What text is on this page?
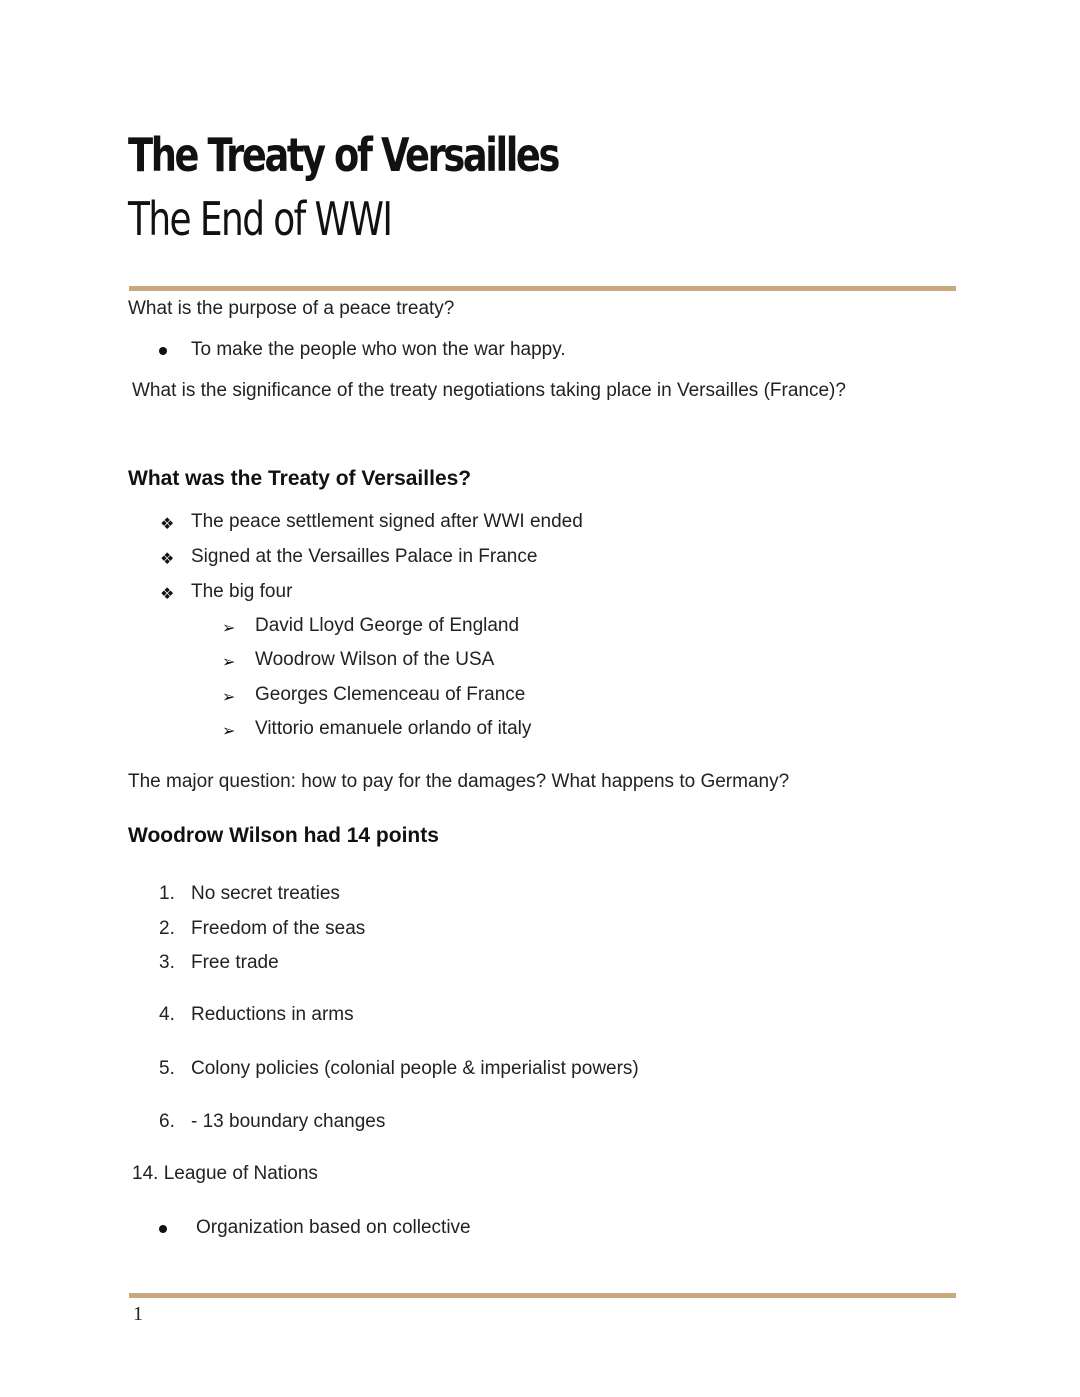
The Treaty of Versailles
The End of WWI
What is the purpose of a peace treaty?
To make the people who won the war happy.
What is the significance of the treaty negotiations taking place in Versailles (France)?
What was the Treaty of Versailles?
❖ The peace settlement signed after WWI ended
❖ Signed at the Versailles Palace in France
❖ The big four
➢ David Lloyd George of England
➢ Woodrow Wilson of the USA
➢ Georges Clemenceau of France
➢ Vittorio emanuele orlando of italy
The major question: how to pay for the damages? What happens to Germany?
Woodrow Wilson had 14 points
1. No secret treaties
2. Freedom of the seas
3. Free trade
4. Reductions in arms
5. Colony policies (colonial people & imperialist powers)
6. - 13 boundary changes
14. League of Nations
Organization based on collective
1
